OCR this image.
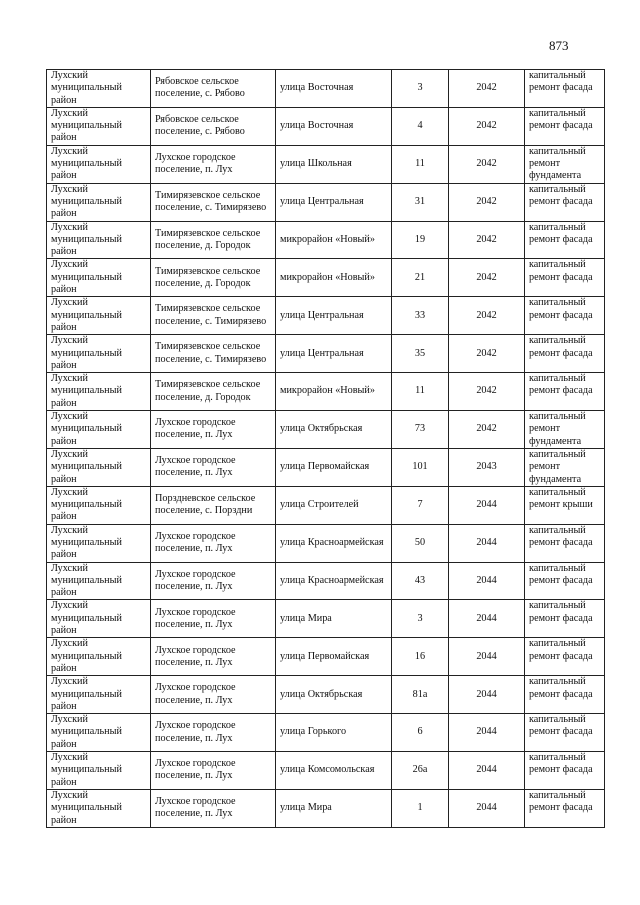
873
Лухский муниципальный район	Рябовское сельское поселение, с. Рябово	улица Восточная	3	2042	капитальный ремонт фасада
Лухский муниципальный район	Рябовское сельское поселение, с. Рябово	улица Восточная	4	2042	капитальный ремонт фасада
Лухский муниципальный район	Лухское городское поселение, п. Лух	улица Школьная	11	2042	капитальный ремонт фундамента
Лухский муниципальный район	Тимирязевское сельское поселение, с. Тимирязево	улица Центральная	31	2042	капитальный ремонт фасада
Лухский муниципальный район	Тимирязевское сельское поселение, д. Городок	микрорайон «Новый»	19	2042	капитальный ремонт фасада
Лухский муниципальный район	Тимирязевское сельское поселение, д. Городок	микрорайон «Новый»	21	2042	капитальный ремонт фасада
Лухский муниципальный район	Тимирязевское сельское поселение, с. Тимирязево	улица Центральная	33	2042	капитальный ремонт фасада
Лухский муниципальный район	Тимирязевское сельское поселение, с. Тимирязево	улица Центральная	35	2042	капитальный ремонт фасада
Лухский муниципальный район	Тимирязевское сельское поселение, д. Городок	микрорайон «Новый»	11	2042	капитальный ремонт фасада
Лухский муниципальный район	Лухское городское поселение, п. Лух	улица Октябрьская	73	2042	капитальный ремонт фундамента
Лухский муниципальный район	Лухское городское поселение, п. Лух	улица Первомайская	101	2043	капитальный ремонт фундамента
Лухский муниципальный район	Порздневское сельское поселение, с. Порздни	улица Строителей	7	2044	капитальный ремонт крыши
Лухский муниципальный район	Лухское городское поселение, п. Лух	улица Красноармейская	50	2044	капитальный ремонт фасада
Лухский муниципальный район	Лухское городское поселение, п. Лух	улица Красноармейская	43	2044	капитальный ремонт фасада
Лухский муниципальный район	Лухское городское поселение, п. Лух	улица Мира	3	2044	капитальный ремонт фасада
Лухский муниципальный район	Лухское городское поселение, п. Лух	улица Первомайская	16	2044	капитальный ремонт фасада
Лухский муниципальный район	Лухское городское поселение, п. Лух	улица Октябрьская	81а	2044	капитальный ремонт фасада
Лухский муниципальный район	Лухское городское поселение, п. Лух	улица Горького	6	2044	капитальный ремонт фасада
Лухский муниципальный район	Лухское городское поселение, п. Лух	улица Комсомольская	26а	2044	капитальный ремонт фасада
Лухский муниципальный район	Лухское городское поселение, п. Лух	улица Мира	1	2044	капитальный ремонт фасада
